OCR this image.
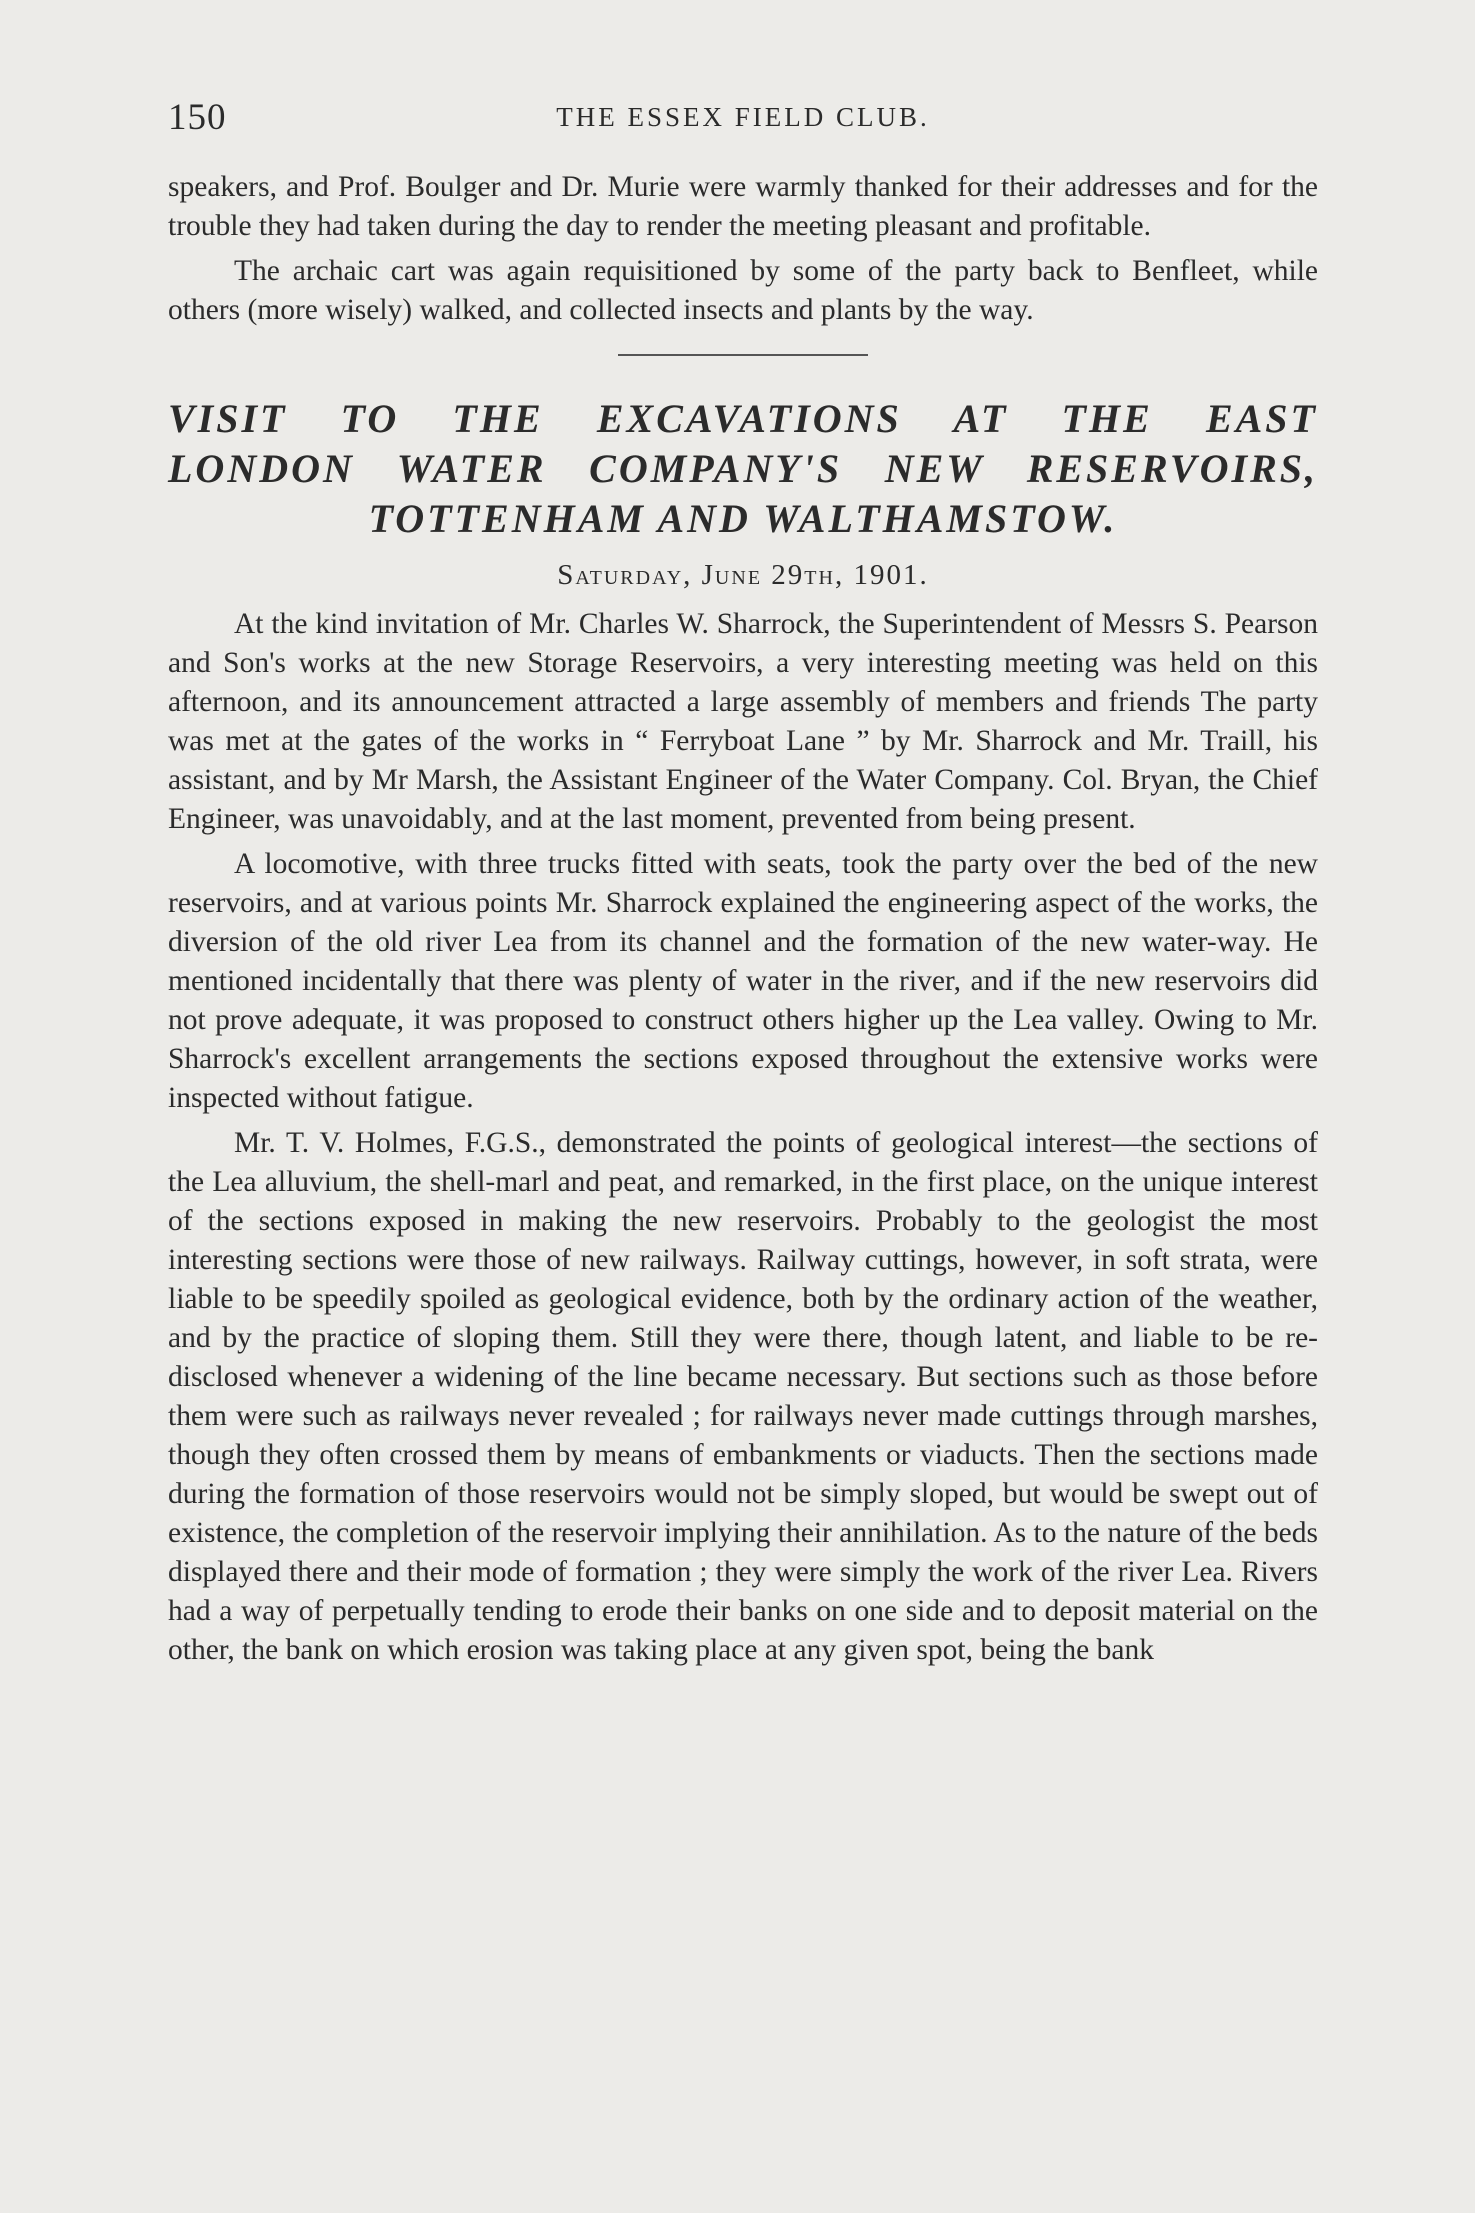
150	THE ESSEX FIELD CLUB.

speakers, and Prof. Boulger and Dr. Murie were warmly thanked for their addresses and for the trouble they had taken during the day to render the meeting pleasant and profitable.

The archaic cart was again requisitioned by some of the party back to Benfleet, while others (more wisely) walked, and collected insects and plants by the way.

VISIT TO THE EXCAVATIONS AT THE EAST
LONDON WATER COMPANY'S NEW RESERVOIRS,
TOTTENHAM AND WALTHAMSTOW.
Saturday, June 29th, 1901.

At the kind invitation of Mr. Charles W. Sharrock, the Superintendent of Messrs S. Pearson and Son's works at the new Storage Reservoirs, a very interesting meeting was held on this afternoon, and its announcement attracted a large assembly of members and friends The party was met at the gates of the works in “ Ferryboat Lane ” by Mr. Sharrock and Mr. Traill, his assistant, and by Mr Marsh, the Assistant Engineer of the Water Company. Col. Bryan, the Chief Engineer, was unavoidably, and at the last moment, prevented from being present.

A locomotive, with three trucks fitted with seats, took the party over the bed of the new reservoirs, and at various points Mr. Sharrock explained the engineering aspect of the works, the diversion of the old river Lea from its channel and the formation of the new water-way. He mentioned incidentally that there was plenty of water in the river, and if the new reservoirs did not prove adequate, it was proposed to construct others higher up the Lea valley. Owing to Mr. Sharrock's excellent arrangements the sections exposed throughout the extensive works were inspected without fatigue.

Mr. T. V. Holmes, F.G.S., demonstrated the points of geological interest—the sections of the Lea alluvium, the shell-marl and peat, and remarked, in the first place, on the unique interest of the sections exposed in making the new reservoirs. Probably to the geologist the most interesting sections were those of new railways. Railway cuttings, however, in soft strata, were liable to be speedily spoiled as geological evidence, both by the ordinary action of the weather, and by the practice of sloping them. Still they were there, though latent, and liable to be re-disclosed whenever a widening of the line became necessary. But sections such as those before them were such as railways never revealed ; for railways never made cuttings through marshes, though they often crossed them by means of embankments or viaducts. Then the sections made during the formation of those reservoirs would not be simply sloped, but would be swept out of existence, the completion of the reservoir implying their annihilation. As to the nature of the beds displayed there and their mode of formation ; they were simply the work of the river Lea. Rivers had a way of perpetually tending to erode their banks on one side and to deposit material on the other, the bank on which erosion was taking place at any given spot, being the bank
